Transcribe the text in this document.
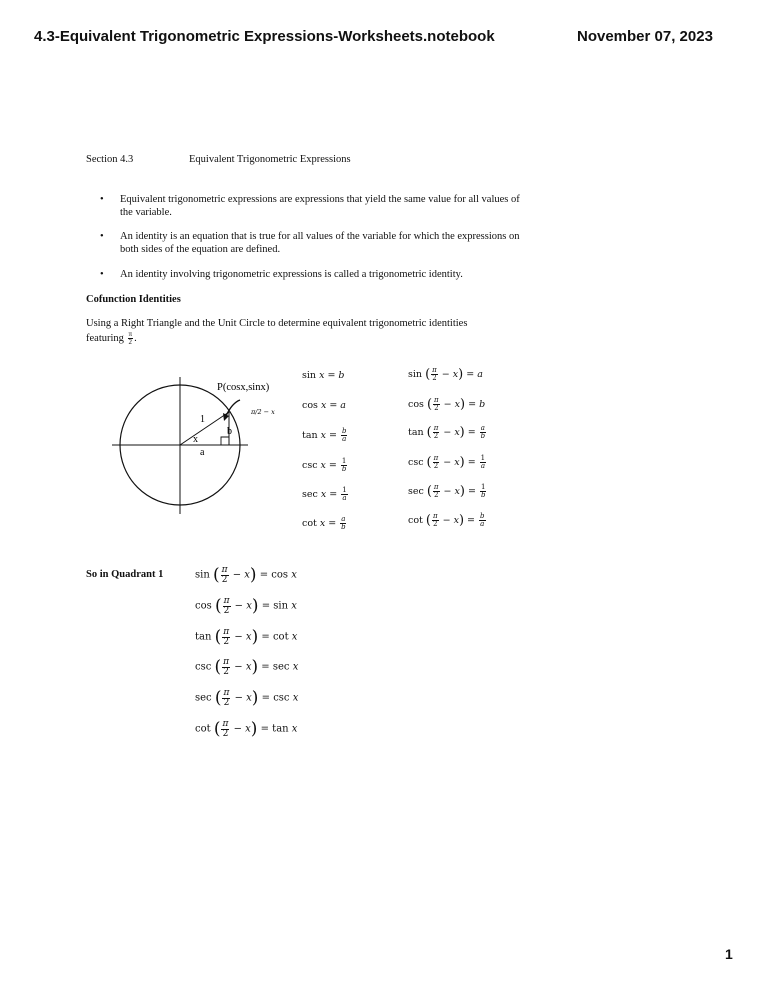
4.3-Equivalent Trigonometric Expressions-Worksheets.notebook	November 07, 2023
Section 4.3	Equivalent Trigonometric Expressions
• Equivalent trigonometric expressions are expressions that yield the same value for all values of the variable.
• An identity is an equation that is true for all values of the variable for which the expressions on both sides of the equation are defined.
• An identity involving trigonometric expressions is called a trigonometric identity.
Cofunction Identities
Using a Right Triangle and the Unit Circle to determine equivalent trigonometric identities
featuring $\frac{\pi}{2}$ .
P(cosx,sinx)
1
b
a
x
π/2 − x
sin x = b
cos x = a
$\tan x = \frac{b}{a}$
$\csc x = \frac{1}{b}$
$\sec x = \frac{1}{a}$
$\cot x = \frac{a}{b}$
sin ( $\frac{\pi}{2} - x) = a$
cos ( $\frac{\pi}{2} - x) = b$
tan ( $\frac{\pi}{2} - x) = \frac{a}{b}$
csc ( $\frac{\pi}{2} - x) = \frac{1}{a}$
sec ( $\frac{\pi}{2} - x) = \frac{1}{b}$
cot ( $\frac{\pi}{2} - x) = \frac{b}{a}$
So in Quadrant 1	sin ( $\frac{\pi}{2} - x) = \cos x$
cos ( $\frac{\pi}{2} - x) = \sin x$
tan ( $\frac{\pi}{2} - x) = \cot x$
csc ( $\frac{\pi}{2} - x) = \sec x$
sec ( $\frac{\pi}{2} - x) = \csc x$
cot ( $\frac{\pi}{2} - x) = \tan x$
1
